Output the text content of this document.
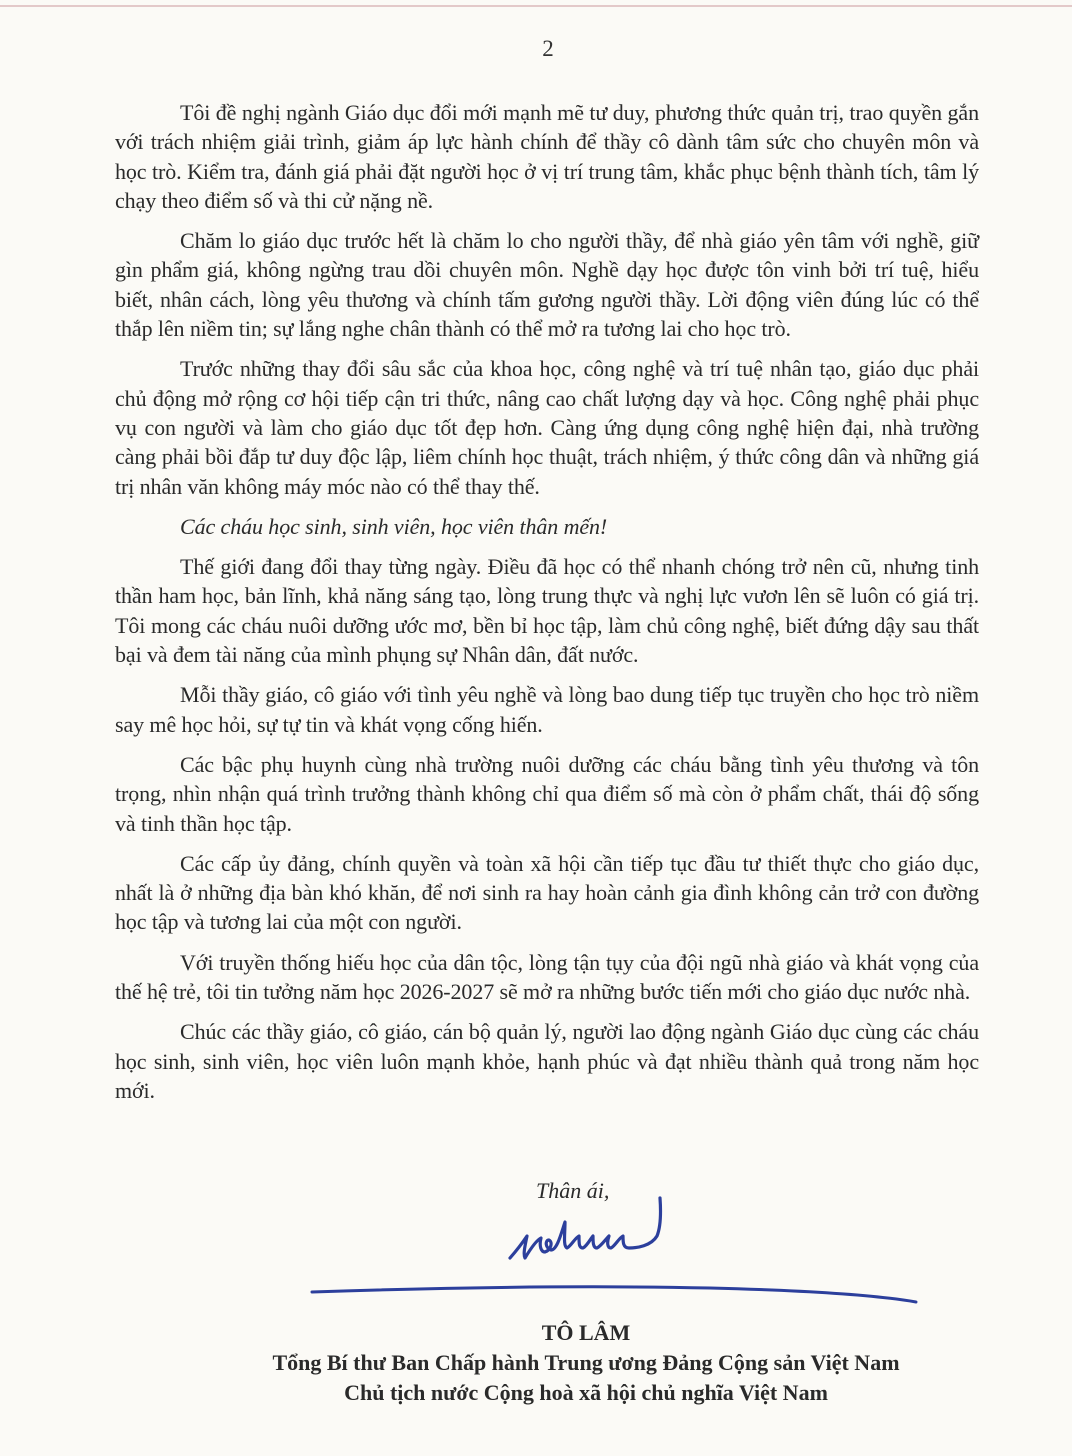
2

Tôi đề nghị ngành Giáo dục đổi mới mạnh mẽ tư duy, phương thức quản trị, trao quyền gắn với trách nhiệm giải trình, giảm áp lực hành chính để thầy cô dành tâm sức cho chuyên môn và học trò. Kiểm tra, đánh giá phải đặt người học ở vị trí trung tâm, khắc phục bệnh thành tích, tâm lý chạy theo điểm số và thi cử nặng nề.

Chăm lo giáo dục trước hết là chăm lo cho người thầy, để nhà giáo yên tâm với nghề, giữ gìn phẩm giá, không ngừng trau dồi chuyên môn. Nghề dạy học được tôn vinh bởi trí tuệ, hiểu biết, nhân cách, lòng yêu thương và chính tấm gương người thầy. Lời động viên đúng lúc có thể thắp lên niềm tin; sự lắng nghe chân thành có thể mở ra tương lai cho học trò.

Trước những thay đổi sâu sắc của khoa học, công nghệ và trí tuệ nhân tạo, giáo dục phải chủ động mở rộng cơ hội tiếp cận tri thức, nâng cao chất lượng dạy và học. Công nghệ phải phục vụ con người và làm cho giáo dục tốt đẹp hơn. Càng ứng dụng công nghệ hiện đại, nhà trường càng phải bồi đắp tư duy độc lập, liêm chính học thuật, trách nhiệm, ý thức công dân và những giá trị nhân văn không máy móc nào có thể thay thế.

Các cháu học sinh, sinh viên, học viên thân mến!

Thế giới đang đổi thay từng ngày. Điều đã học có thể nhanh chóng trở nên cũ, nhưng tinh thần ham học, bản lĩnh, khả năng sáng tạo, lòng trung thực và nghị lực vươn lên sẽ luôn có giá trị. Tôi mong các cháu nuôi dưỡng ước mơ, bền bỉ học tập, làm chủ công nghệ, biết đứng dậy sau thất bại và đem tài năng của mình phụng sự Nhân dân, đất nước.

Mỗi thầy giáo, cô giáo với tình yêu nghề và lòng bao dung tiếp tục truyền cho học trò niềm say mê học hỏi, sự tự tin và khát vọng cống hiến.

Các bậc phụ huynh cùng nhà trường nuôi dưỡng các cháu bằng tình yêu thương và tôn trọng, nhìn nhận quá trình trưởng thành không chỉ qua điểm số mà còn ở phẩm chất, thái độ sống và tinh thần học tập.

Các cấp ủy đảng, chính quyền và toàn xã hội cần tiếp tục đầu tư thiết thực cho giáo dục, nhất là ở những địa bàn khó khăn, để nơi sinh ra hay hoàn cảnh gia đình không cản trở con đường học tập và tương lai của một con người.

Với truyền thống hiếu học của dân tộc, lòng tận tụy của đội ngũ nhà giáo và khát vọng của thế hệ trẻ, tôi tin tưởng năm học 2026-2027 sẽ mở ra những bước tiến mới cho giáo dục nước nhà.

Chúc các thầy giáo, cô giáo, cán bộ quản lý, người lao động ngành Giáo dục cùng các cháu học sinh, sinh viên, học viên luôn mạnh khỏe, hạnh phúc và đạt nhiều thành quả trong năm học mới.

Thân ái,

TÔ LÂM

Tổng Bí thư Ban Chấp hành Trung ương Đảng Cộng sản Việt Nam

Chủ tịch nước Cộng hoà xã hội chủ nghĩa Việt Nam
